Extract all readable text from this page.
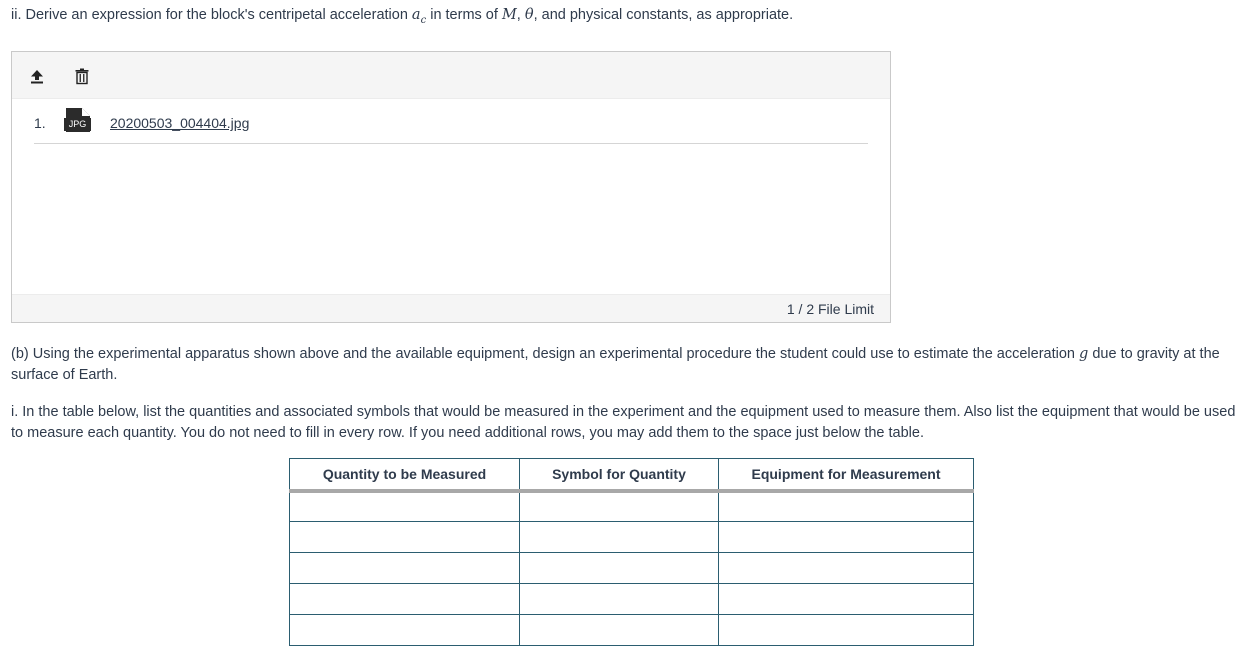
ii. Derive an expression for the block's centripetal acceleration $a_c$ in terms of M, θ, and physical constants, as appropriate.
1.	JPG	20200503_004404.jpg
1 / 2 File Limit
(b) Using the experimental apparatus shown above and the available equipment, design an experimental procedure the student could use to estimate the acceleration g due to gravity at the surface of Earth.
i. In the table below, list the quantities and associated symbols that would be measured in the experiment and the equipment used to measure them. Also list the equipment that would be used to measure each quantity. You do not need to fill in every row. If you need additional rows, you may add them to the space just below the table.
Quantity to be Measured	Symbol for Quantity	Equipment for Measurement
